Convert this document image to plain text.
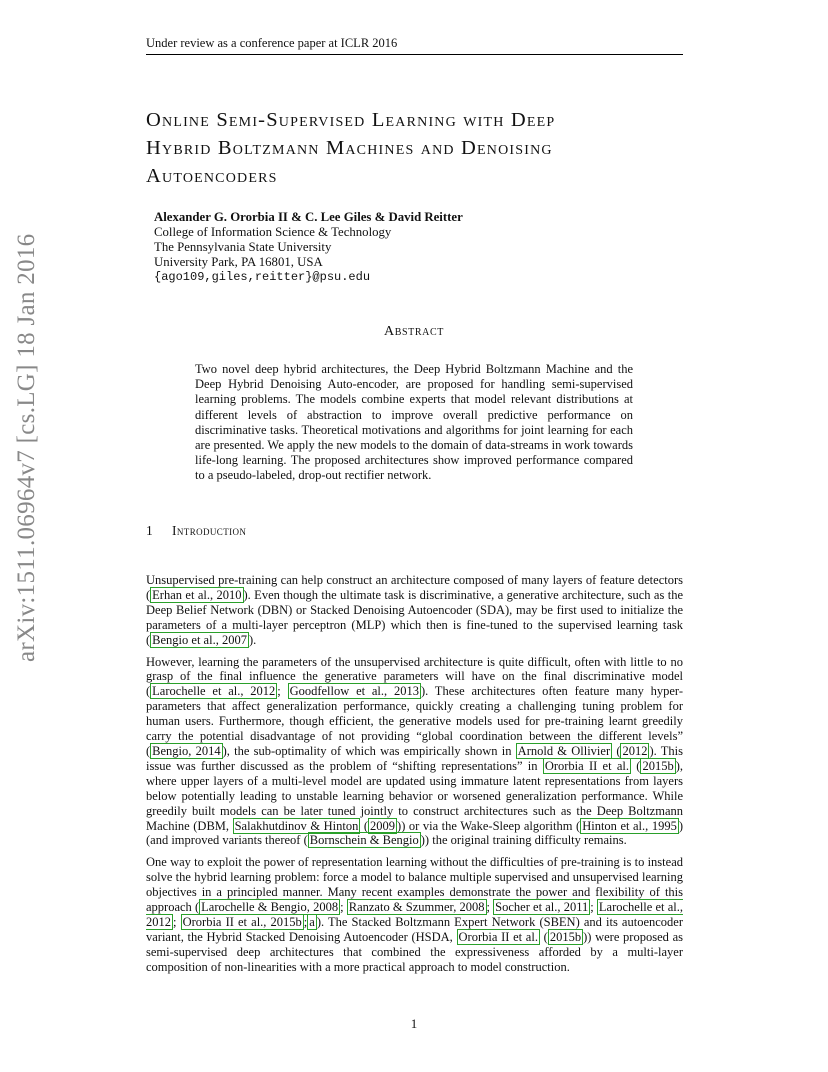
Under review as a conference paper at ICLR 2016
Online Semi-Supervised Learning with Deep
Hybrid Boltzmann Machines and Denoising
Autoencoders
Alexander G. Ororbia II & C. Lee Giles & David Reitter
College of Information Science & Technology
The Pennsylvania State University
University Park, PA 16801, USA
{ago109,giles,reitter}@psu.edu
Abstract
Two novel deep hybrid architectures, the Deep Hybrid Boltzmann Machine and the Deep Hybrid Denoising Auto-encoder, are proposed for handling semi-supervised learning problems. The models combine experts that model relevant distributions at different levels of abstraction to improve overall predictive performance on discriminative tasks. Theoretical motivations and algorithms for joint learning for each are presented. We apply the new models to the domain of data-streams in work towards life-long learning. The proposed architectures show improved performance compared to a pseudo-labeled, drop-out rectifier network.
1 Introduction

Unsupervised pre-training can help construct an architecture composed of many layers of feature detectors ( Erhan et al., 2010 ). Even though the ultimate task is discriminative, a generative architecture, such as the Deep Belief Network (DBN) or Stacked Denoising Autoencoder (SDA), may be first used to initialize the parameters of a multi-layer perceptron (MLP) which then is fine-tuned to the supervised learning task ( Bengio et al., 2007 ).

However, learning the parameters of the unsupervised architecture is quite difficult, often with little to no grasp of the final influence the generative parameters will have on the final discriminative model ( Larochelle et al., 2012 ; Goodfellow et al., 2013 ). These architectures often feature many hyper-parameters that affect generalization performance, quickly creating a challenging tuning problem for human users. Furthermore, though efficient, the generative models used for pre-training learnt greedily carry the potential disadvantage of not providing “global coordination between the different levels” ( Bengio, 2014 ), the sub-optimality of which was empirically shown in Arnold & Ollivier ( 2012 ). This issue was further discussed as the problem of “shifting representations” in Ororbia II et al. ( 2015b ), where upper layers of a multi-level model are updated using immature latent representations from layers below potentially leading to unstable learning behavior or worsened generalization performance. While greedily built models can be later tuned jointly to construct architectures such as the Deep Boltzmann Machine (DBM, Salakhutdinov & Hinton ( 2009 )) or via the Wake-Sleep algorithm ( Hinton et al., 1995 ) (and improved variants thereof ( Bornschein & Bengio )) the original training difficulty remains.

One way to exploit the power of representation learning without the difficulties of pre-training is to instead solve the hybrid learning problem: force a model to balance multiple supervised and unsupervised learning objectives in a principled manner. Many recent examples demonstrate the power and flexibility of this approach ( Larochelle & Bengio, 2008 ; Ranzato & Szummer, 2008 ; Socher et al., 2011 ; Larochelle et al., 2012 ; Ororbia II et al., 2015b ; a ). The Stacked Boltzmann Expert Network (SBEN) and its autoencoder variant, the Hybrid Stacked Denoising Autoencoder (HSDA, Ororbia II et al. ( 2015b )) were proposed as semi-supervised deep architectures that combined the expressiveness afforded by a multi-layer composition of non-linearities with a more practical approach to model construction.

arXiv:1511.06964v7 [cs.LG] 18 Jan 2016
1
